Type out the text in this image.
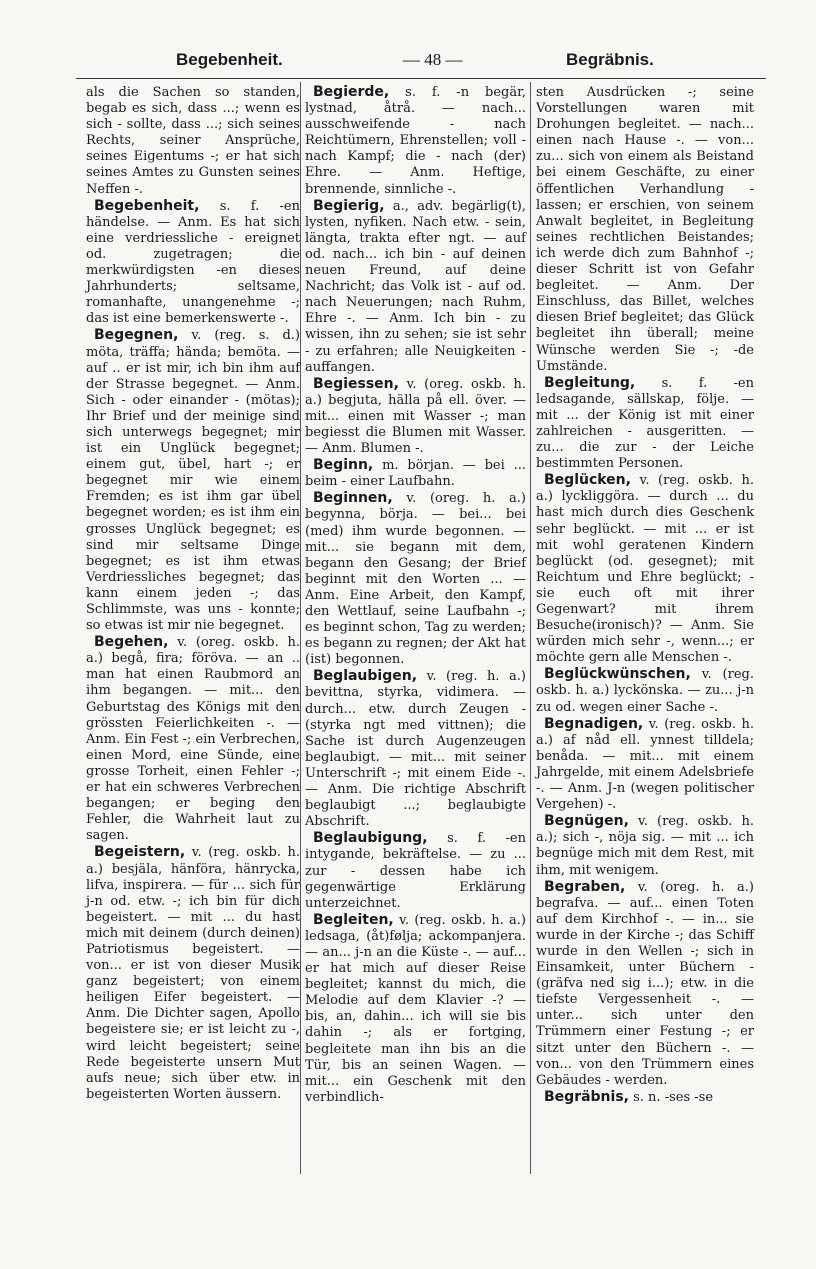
Begebenheit.	— 48 —	Begräbnis.

als die Sachen so standen, begab es sich, dass ...; wenn es sich - sollte, dass ...; sich seines Rechts, seiner Ansprüche, seines Eigentums -; er hat sich seines Amtes zu Gunsten seines Neffen -.

Begebenheit, s. f. -en händelse. — Anm. Es hat sich eine verdriessliche - ereignet od. zugetragen; die merkwürdigsten -en dieses Jahrhunderts; seltsame, romanhafte, unangenehme -; das ist eine bemerkenswerte -.

Begegnen, v. (reg. s. d.) möta, träffa; hända; bemöta. — auf .. er ist mir, ich bin ihm auf der Strasse begegnet. — Anm. Sich - oder einander - (mötas); Ihr Brief und der meinige sind sich unterwegs begegnet; mir ist ein Unglück begegnet; einem gut, übel, hart -; er begegnet mir wie einem Fremden; es ist ihm gar übel begegnet worden; es ist ihm ein grosses Unglück begegnet; es sind mir seltsame Dinge begegnet; es ist ihm etwas Verdriessliches begegnet; das kann einem jeden -; das Schlimmste, was uns - konnte; so etwas ist mir nie begegnet.

Begehen, v. (oreg. oskb. h. a.) begå, fira; förövа. — an .. man hat einen Raubmord an ihm begangen. — mit... den Geburtstag des Königs mit den grössten Feierlichkeiten -. — Anm. Ein Fest -; ein Verbrechen, einen Mord, eine Sünde, eine grosse Torheit, einen Fehler -; er hat ein schweres Verbrechen begangen; er beging den Fehler, die Wahrheit laut zu sagen.

Begeistern, v. (reg. oskb. h. a.) besjäla, hänföra, hänrycka, lifva, inspirera. — für ... sich für j-n od. etw. -; ich bin für dich begeistert. — mit ... du hast mich mit deinem (durch deinen) Patriotismus begeistert. — von... er ist von dieser Musik ganz begeistert; von einem heiligen Eifer begeistert. — Anm. Die Dichter sagen, Apollo begeistere sie; er ist leicht zu -, wird leicht begeistert; seine Rede begeisterte unsern Mut aufs neue; sich über etw. in begeisterten Worten äussern.

Begierde, s. f. -n begär, lystnad, åtrå. — nach... ausschweifende - nach Reichtümern, Ehrenstellen; voll - nach Kampf; die - nach (der) Ehre. — Anm. Heftige, brennende, sinnliche -.

Begierig, a., adv. begärlig(t), lysten, nyfiken. Nach etw. - sein, längta, trakta efter ngt. — auf od. nach... ich bin - auf deinen neuen Freund, auf deine Nachricht; das Volk ist - auf od. nach Neuerungen; nach Ruhm, Ehre -. — Anm. Ich bin - zu wissen, ihn zu sehen; sie ist sehr - zu erfahren; alle Neuigkeiten - auffangen.

Begiessen, v. (oreg. oskb. h. a.) begjuta, hälla på ell. över. — mit... einen mit Wasser -; man begiesst die Blumen mit Wasser. — Anm. Blumen -.

Beginn, m. början. — bei ... beim - einer Laufbahn.

Beginnen, v. (oreg. h. a.) begynna, börja. — bei... bei (med) ihm wurde begonnen. — mit... sie begann mit dem, begann den Gesang; der Brief beginnt mit den Worten ... — Anm. Eine Arbeit, den Kampf, den Wettlauf, seine Laufbahn -; es beginnt schon, Tag zu werden; es begann zu regnen; der Akt hat (ist) begonnen.

Beglaubigen, v. (reg. h. a.) bevittna, styrka, vidimera. — durch... etw. durch Zeugen - (styrka ngt med vittnen); die Sache ist durch Augenzeugen beglaubigt. — mit... mit seiner Unterschrift -; mit einem Eide -. — Anm. Die richtige Abschrift beglaubigt ...; beglaubigte Abschrift.

Beglaubigung, s. f. -en intygande, bekräftelse. — zu ... zur - dessen habe ich gegenwärtige Erklärung unterzeichnet.

Begleiten, v. (reg. oskb. h. a.) ledsaga, (åt)følja; ackompanjera. — an... j-n an die Küste -. — auf... er hat mich auf dieser Reise begleitet; kannst du mich, die Melodie auf dem Klavier -? — bis, an, dahin... ich will sie bis dahin -; als er fortging, begleitete man ihn bis an die Tür, bis an seinen Wagen. — mit... ein Geschenk mit den verbindlich-

sten Ausdrücken -; seine Vorstellungen waren mit Drohungen begleitet. — nach... einen nach Hause -. — von... zu... sich von einem als Beistand bei einem Geschäfte, zu einer öffentlichen Verhandlung - lassen; er erschien, von seinem Anwalt begleitet, in Begleitung seines rechtlichen Beistandes; ich werde dich zum Bahnhof -; dieser Schritt ist von Gefahr begleitet. — Anm. Der Einschluss, das Billet, welches diesen Brief begleitet; das Glück begleitet ihn überall; meine Wünsche werden Sie -; -de Umstände.

Begleitung, s. f. -en ledsagande, sällskap, följe. — mit ... der König ist mit einer zahlreichen - ausgeritten. — zu... die zur - der Leiche bestimmten Personen.

Beglücken, v. (reg. oskb. h. a.) lyckliggöra. — durch ... du hast mich durch dies Geschenk sehr beglückt. — mit ... er ist mit wohl geratenen Kindern beglückt (od. gesegnet); mit Reichtum und Ehre beglückt; - sie euch oft mit ihrer Gegenwart? mit ihrem Besuche(ironisch)? — Anm. Sie würden mich sehr -, wenn...; er möchte gern alle Menschen -.

Beglückwünschen, v. (reg. oskb. h. a.) lyckönska. — zu... j-n zu od. wegen einer Sache -.

Begnadigen, v. (reg. oskb. h. a.) af nåd ell. ynnest tilldela; benåda. — mit... mit einem Jahrgelde, mit einem Adelsbriefe -. — Anm. J-n (wegen politischer Vergehen) -.

Begnügen, v. (reg. oskb. h. a.); sich -, nöja sig. — mit ... ich begnüge mich mit dem Rest, mit ihm, mit wenigem.

Begraben, v. (oreg. h. a.) begrafva. — auf... einen Toten auf dem Kirchhof -. — in... sie wurde in der Kirche -; das Schiff wurde in den Wellen -; sich in Einsamkeit, unter Büchern - (gräfva ned sig i...); etw. in die tiefste Vergessenheit -. — unter... sich unter den Trümmern einer Festung -; er sitzt unter den Büchern -. — von... von den Trümmern eines Gebäudes - werden.

Begräbnis, s. n. -ses -se
